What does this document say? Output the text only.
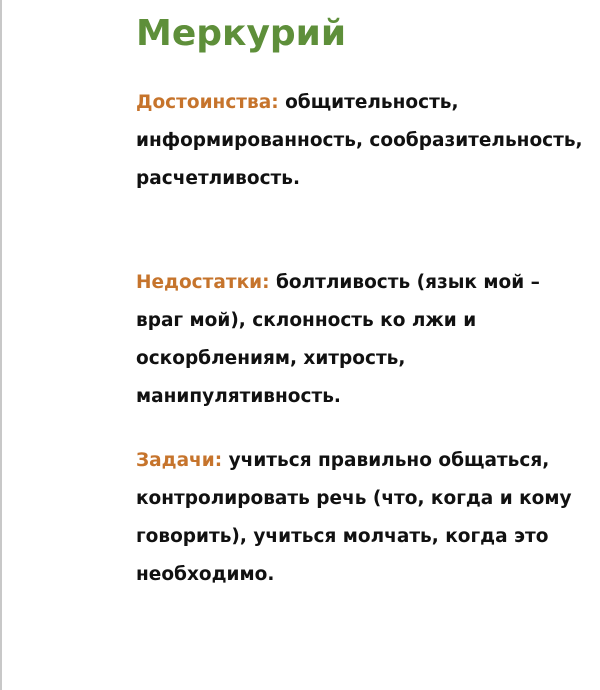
Меркурий

Достоинства: общительность, информированность, сообразительность, расчетливость.

Недостатки: болтливость (язык мой – враг мой), склонность ко лжи и оскорблениям, хитрость, манипулятивность.

Задачи: учиться правильно общаться, контролировать речь (что, когда и кому говорить), учиться молчать, когда это необходимо.
